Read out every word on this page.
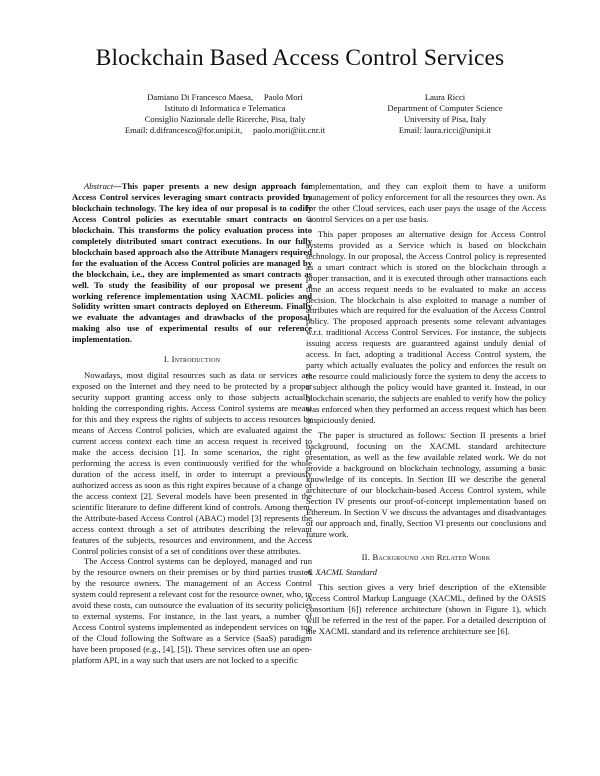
Blockchain Based Access Control Services
Damiano Di Francesco Maesa,     Paolo Mori
Istituto di Informatica e Telematica
Consiglio Nazionale delle Ricerche, Pisa, Italy
Email: d.difrancesco@for.unipi.it,     paolo.mori@iit.cnr.it
Laura Ricci
Department of Computer Science
University of Pisa, Italy
Email: laura.ricci@unipi.it

Abstract—This paper presents a new design approach for Access Control services leveraging smart contracts provided by blockchain technology. The key idea of our proposal is to codify Access Control policies as executable smart contracts on a blockchain. This transforms the policy evaluation process into completely distributed smart contract executions. In our fully blockchain based approach also the Attribute Managers required for the evaluation of the Access Control policies are managed by the blockchain, i.e., they are implemented as smart contracts as well. To study the feasibility of our proposal we present a working reference implementation using XACML policies and Solidity written smart contracts deployed on Ethereum. Finally we evaluate the advantages and drawbacks of the proposal, making also use of experimental results of our reference implementation.

I. Introduction

Nowadays, most digital resources such as data or services are exposed on the Internet and they need to be protected by a proper security support granting access only to those subjects actually holding the corresponding rights. Access Control systems are meant for this and they express the rights of subjects to access resources by means of Access Control policies, which are evaluated against the current access context each time an access request is received to make the access decision [1]. In some scenarios, the right of performing the access is even continuously verified for the whole duration of the access itself, in order to interrupt a previously authorized access as soon as this right expires because of a change of the access context [2]. Several models have been presented in the scientific literature to define different kind of controls. Among them, the Attribute-based Access Control (ABAC) model [3] represents the access context through a set of attributes describing the relevant features of the subjects, resources and environment, and the Access Control policies consist of a set of conditions over these attributes.

The Access Control systems can be deployed, managed and run by the resource owners on their premises or by third parties trusted by the resource owners. The management of an Access Control system could represent a relevant cost for the resource owner, who, to avoid these costs, can outsource the evaluation of its security policies to external systems. For instance, in the last years, a number of Access Control systems implemented as independent services on top of the Cloud following the Software as a Service (SaaS) paradigm have been proposed (e.g., [4], [5]). These services often use an open-platform API, in a way such that users are not locked to a specific

implementation, and they can exploit them to have a uniform management of policy enforcement for all the resources they own. As for the other Cloud services, each user pays the usage of the Access Control Services on a per use basis.

This paper proposes an alternative design for Access Control systems provided as a Service which is based on blockchain technology. In our proposal, the Access Control policy is represented as a smart contract which is stored on the blockchain through a proper transaction, and it is executed through other transactions each time an access request needs to be evaluated to make an access decision. The blockchain is also exploited to manage a number of attributes which are required for the evaluation of the Access Control policy. The proposed approach presents some relevant advantages w.r.t. traditional Access Control Services. For instance, the subjects issuing access requests are guaranteed against unduly denial of access. In fact, adopting a traditional Access Control system, the party which actually evaluates the policy and enforces the result on the resource could maliciously force the system to deny the access to a subject although the policy would have granted it. Instead, in our blockchain scenario, the subjects are enabled to verify how the policy was enforced when they performed an access request which has been suspiciously denied.

The paper is structured as follows: Section II presents a brief background, focusing on the XACML standard architecture presentation, as well as the few available related work. We do not provide a background on blockchain technology, assuming a basic knowledge of its concepts. In Section III we describe the general architecture of our blockchain-based Access Control system, while Section IV presents our proof-of-concept implementation based on Ethereum. In Section V we discuss the advantages and disadvantages of our approach and, finally, Section VI presents our conclusions and future work.

II. Background and Related Work
A. XACML Standard

This section gives a very brief description of the eXtensible Access Control Markup Language (XACML, defined by the OASIS consortium [6]) reference architecture (shown in Figure 1), which will be referred in the rest of the paper. For a detailed description of the XACML standard and its reference architecture see [6].
